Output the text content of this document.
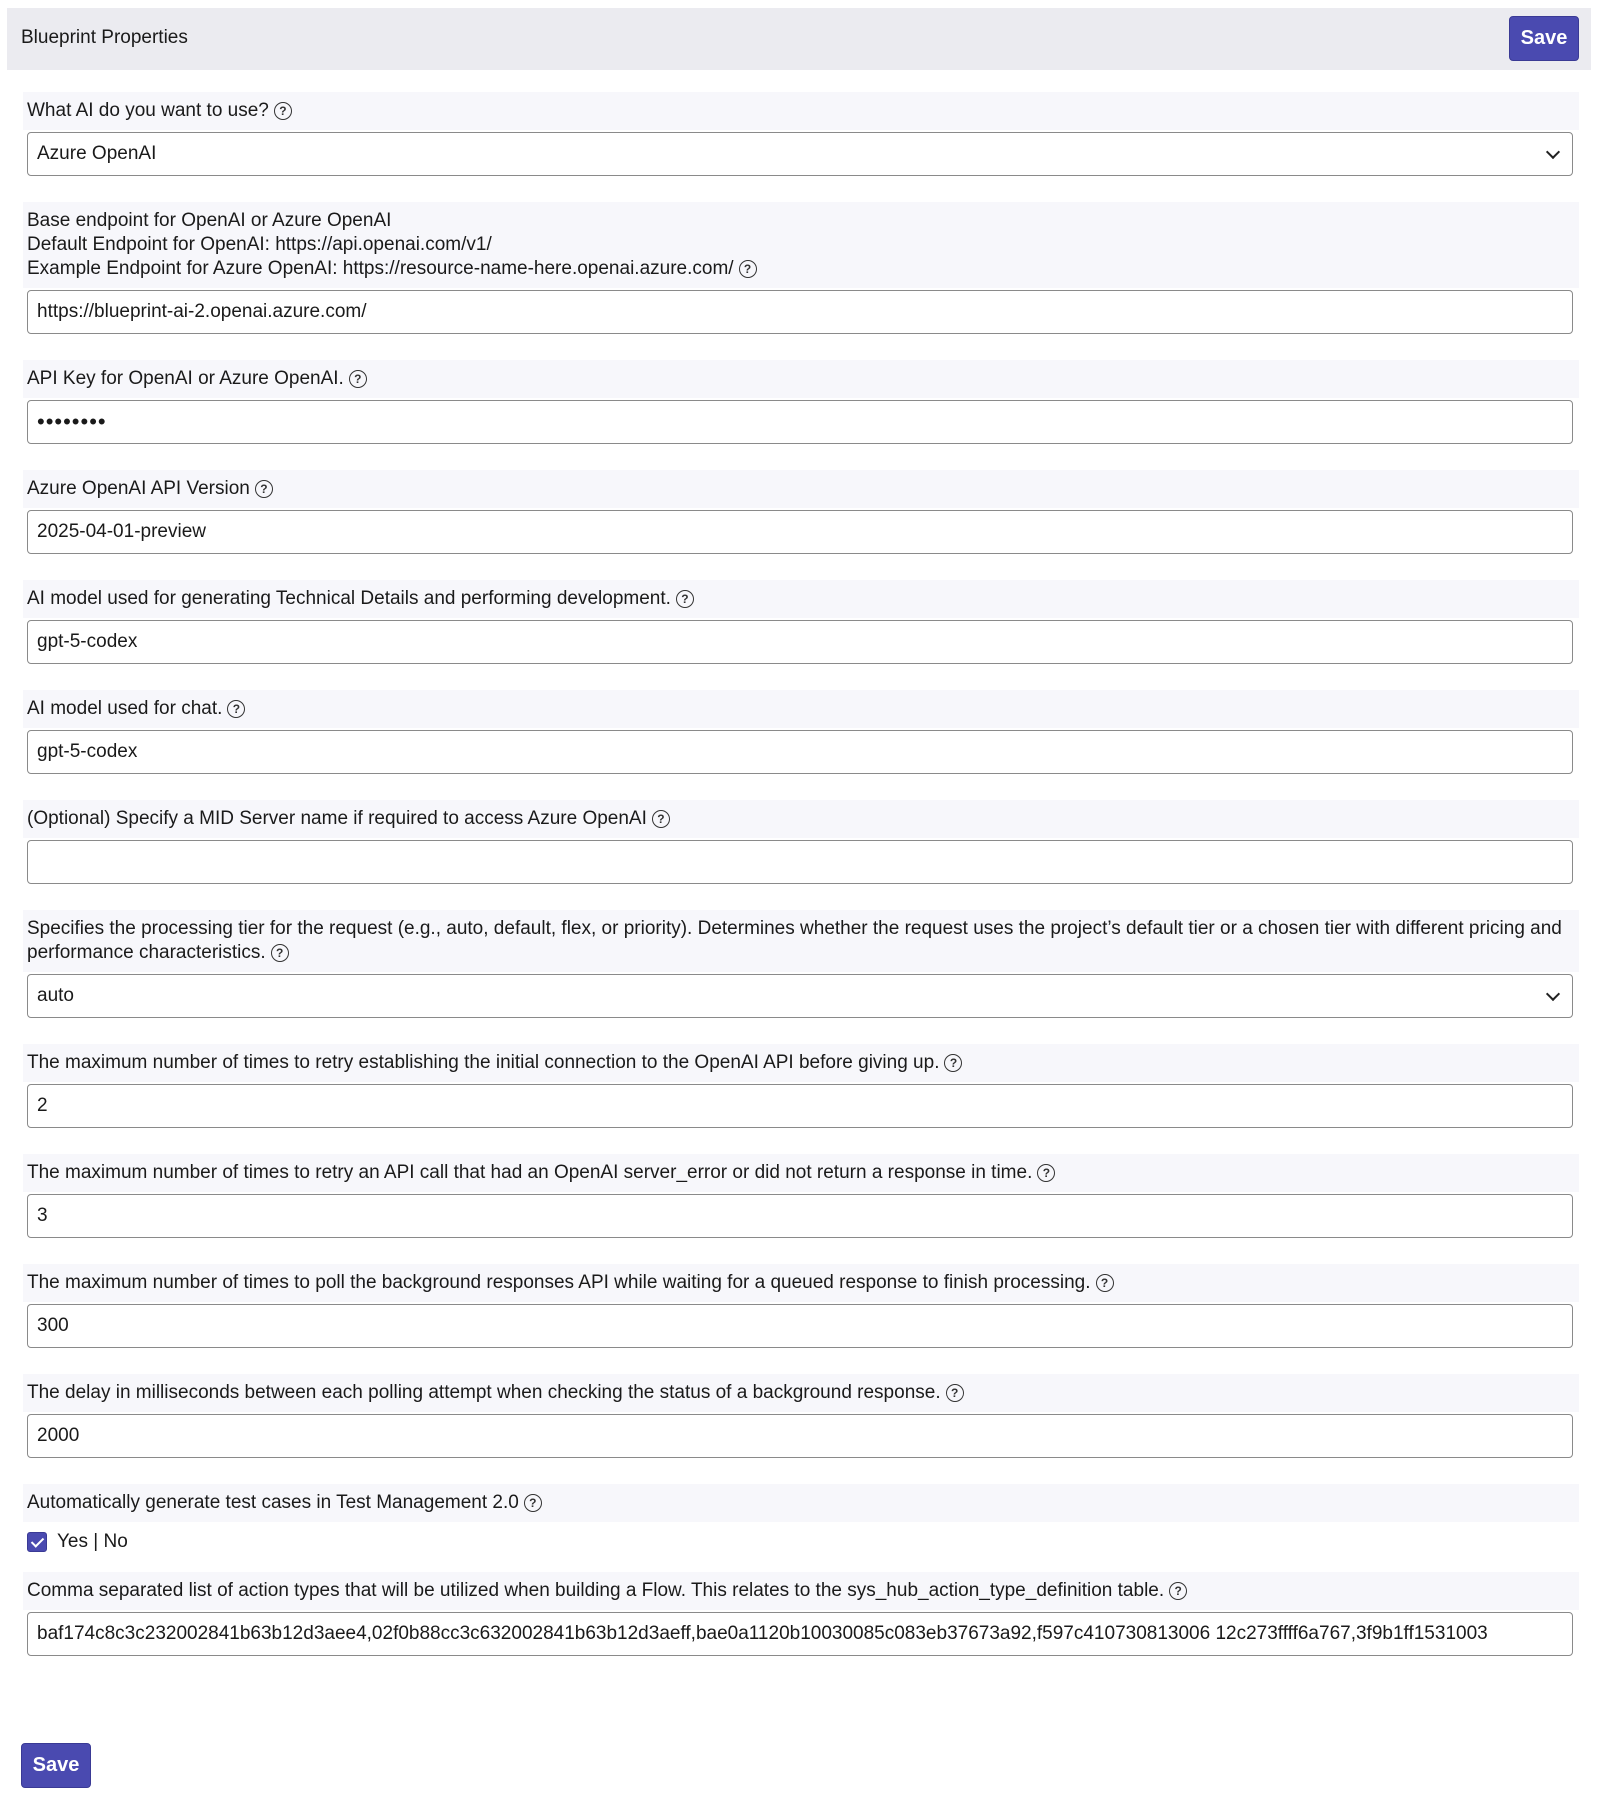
Blueprint Properties	Save
What AI do you want to use? ?
Azure OpenAI
Base endpoint for OpenAI or Azure OpenAI
Default Endpoint for OpenAI: https://api.openai.com/v1/
Example Endpoint for Azure OpenAI: https://resource-name-here.openai.azure.com/ ?
https://blueprint-ai-2.openai.azure.com/
API Key for OpenAI or Azure OpenAI. ?
••••••••
Azure OpenAI API Version ?
2025-04-01-preview
AI model used for generating Technical Details and performing development. ?
gpt-5-codex
AI model used for chat. ?
gpt-5-codex
(Optional) Specify a MID Server name if required to access Azure OpenAI ?
Specifies the processing tier for the request (e.g., auto, default, flex, or priority). Determines whether the request uses the project’s default tier or a chosen tier with different pricing and performance characteristics. ?
auto
The maximum number of times to retry establishing the initial connection to the OpenAI API before giving up. ?
2
The maximum number of times to retry an API call that had an OpenAI server_error or did not return a response in time. ?
3
The maximum number of times to poll the background responses API while waiting for a queued response to finish processing. ?
300
The delay in milliseconds between each polling attempt when checking the status of a background response. ?
2000
Automatically generate test cases in Test Management 2.0 ?
Yes | No
Comma separated list of action types that will be utilized when building a Flow. This relates to the sys_hub_action_type_definition table. ?
baf174c8c3c232002841b63b12d3aee4,02f0b88cc3c632002841b63b12d3aeff,bae0a1120b10030085c083eb37673a92,f597c410730813006 12c273ffff6a767,3f9b1ff1531003
Save
